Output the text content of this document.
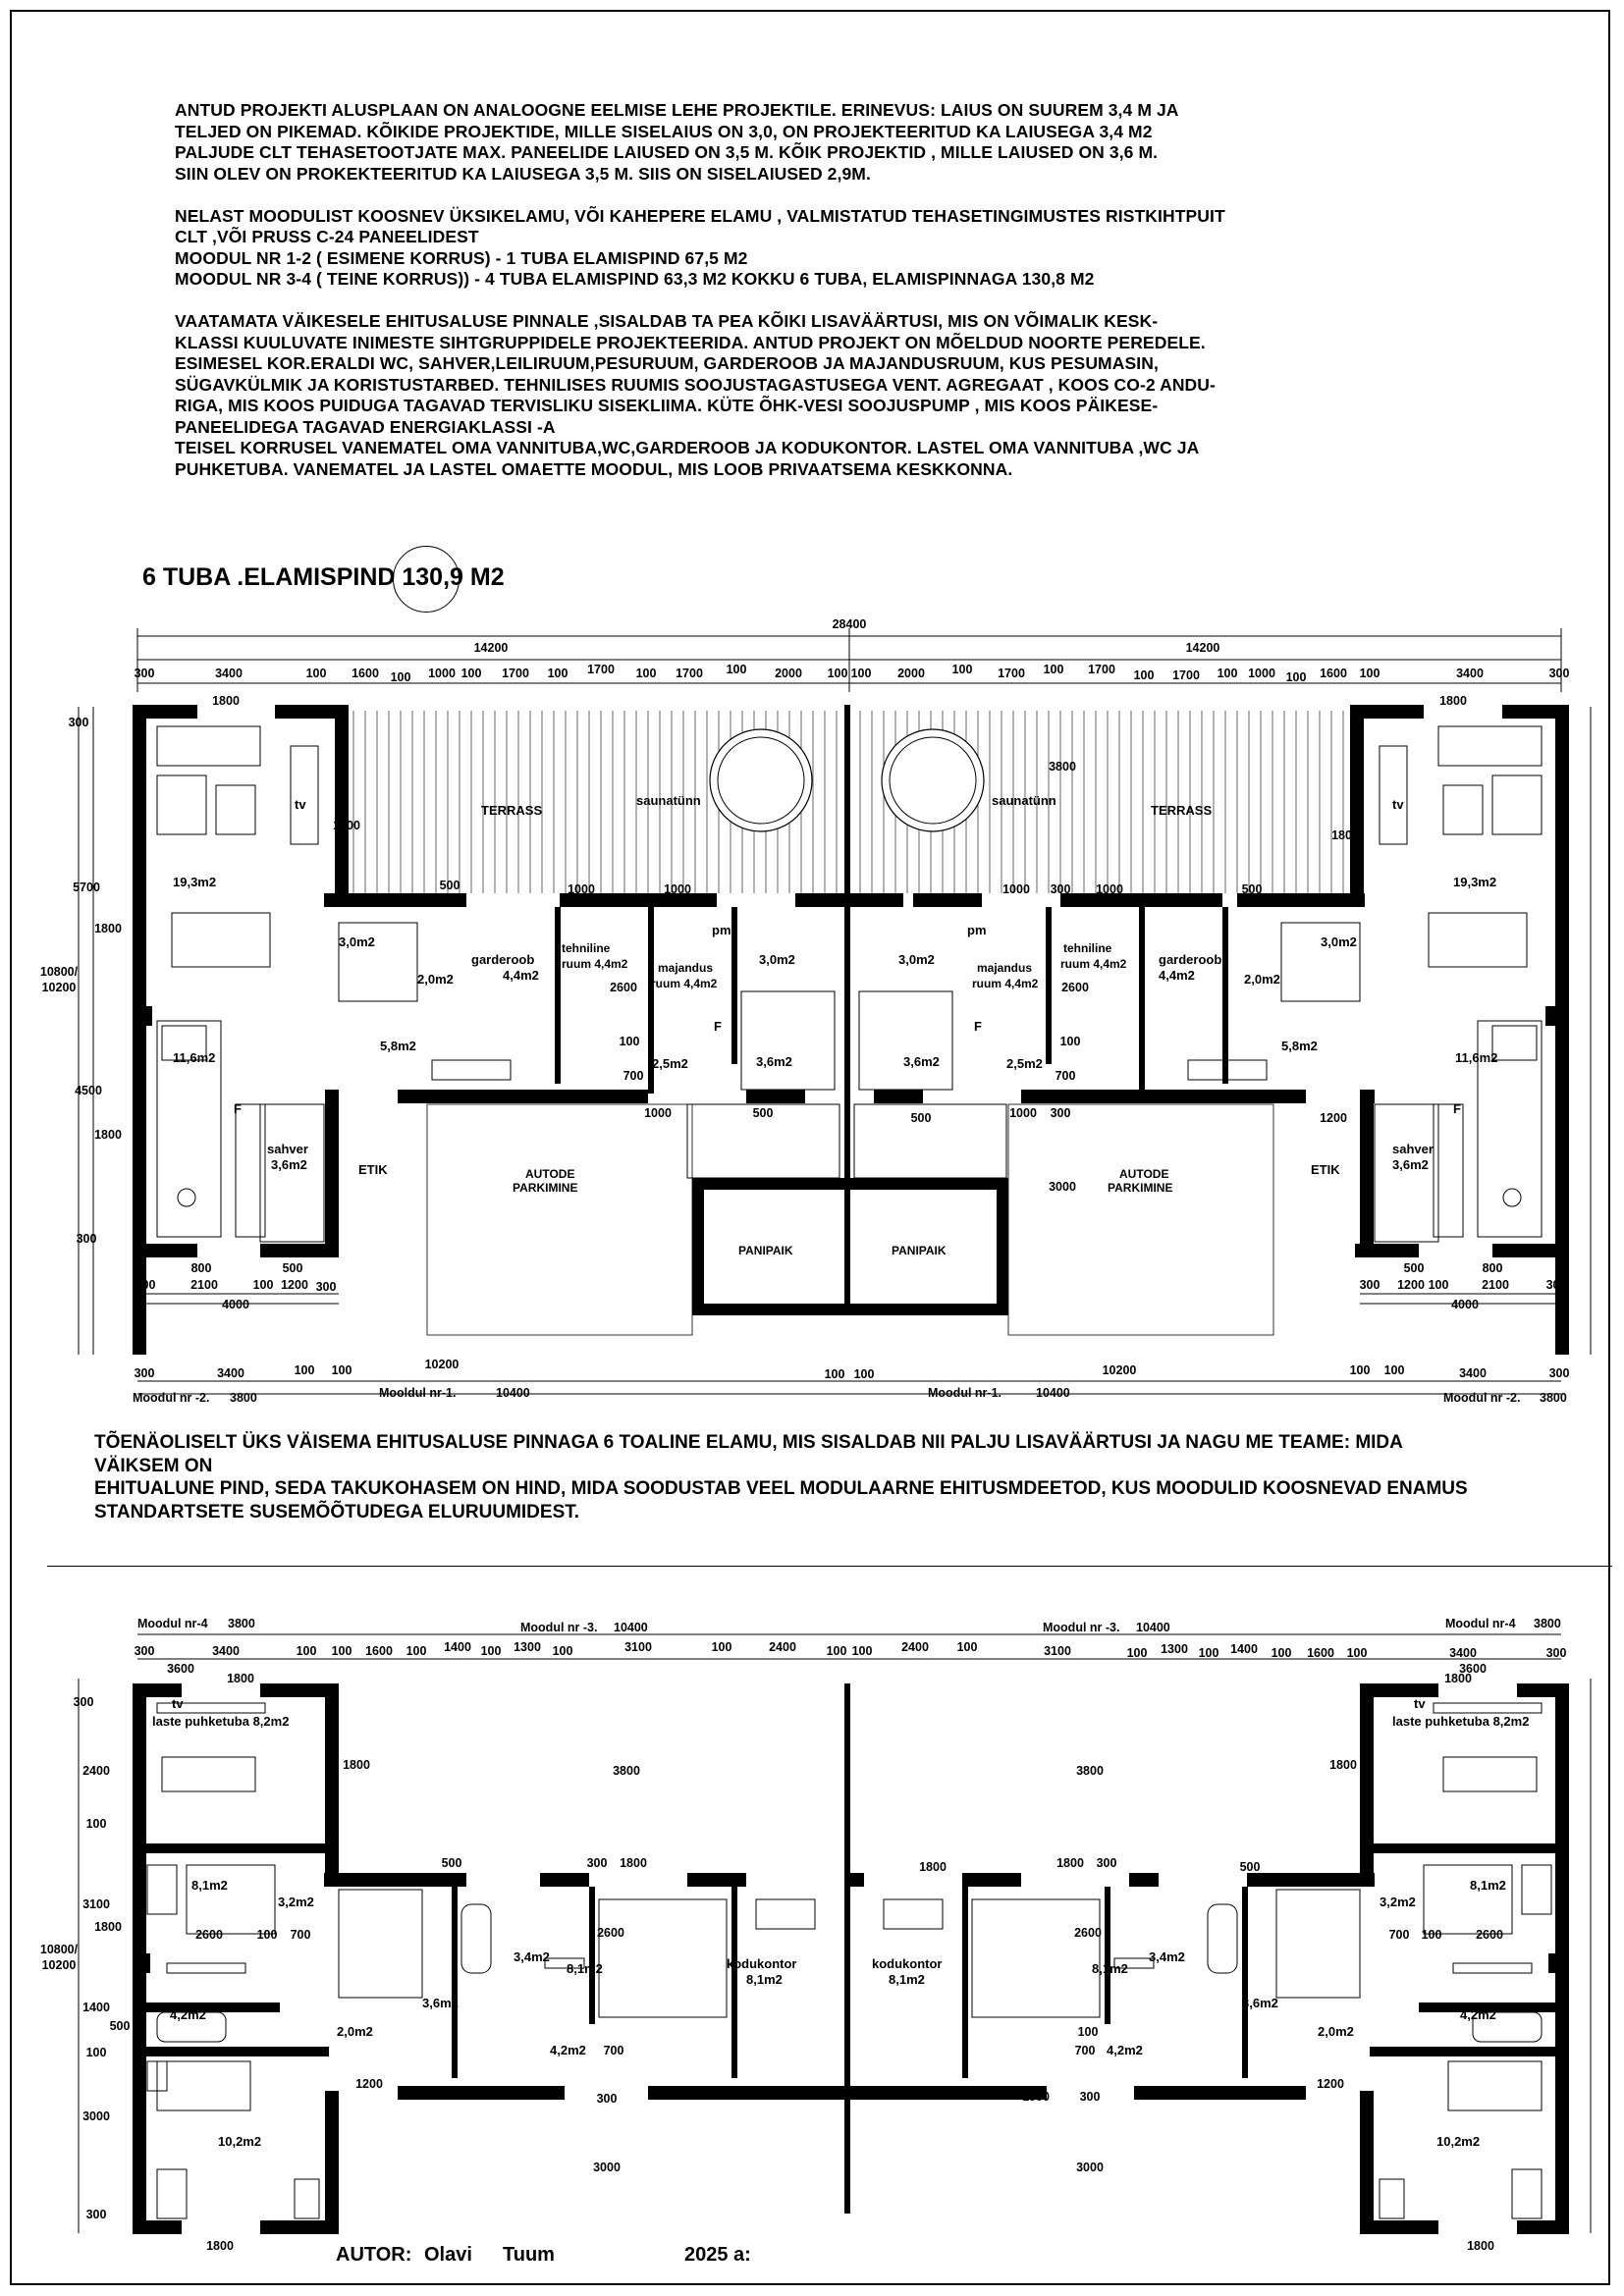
ANTUD PROJEKTI ALUSPLAAN ON ANALOOGNE EELMISE LEHE PROJEKTILE. ERINEVUS: LAIUS ON SUUREM 3,4 M JA
TELJED ON PIKEMAD. KÕIKIDE PROJEKTIDE, MILLE SISELAIUS ON 3,0, ON PROJEKTEERITUD KA LAIUSEGA 3,4 M2
PALJUDE CLT TEHASETOOTJATE MAX. PANEELIDE LAIUSED ON 3,5 M. KÕIK PROJEKTID , MILLE LAIUSED ON 3,6 M.
SIIN OLEV ON PROKEKTEERITUD KA LAIUSEGA 3,5 M. SIIS ON SISELAIUSED 2,9M.

NELAST MOODULIST KOOSNEV ÜKSIKELAMU, VÕI KAHEPERE ELAMU , VALMISTATUD TEHASETINGIMUSTES RISTKIHTPUIT
CLT ,VÕI PRUSS C-24 PANEELIDEST
MOODUL NR 1-2 ( ESIMENE KORRUS) - 1 TUBA ELAMISPIND 67,5 M2
MOODUL NR 3-4 ( TEINE KORRUS)) - 4 TUBA ELAMISPIND 63,3 M2 KOKKU 6 TUBA, ELAMISPINNAGA 130,8 M2

VAATAMATA VÄIKESELE EHITUSALUSE PINNALE ,SISALDAB TA PEA KÕIKI LISAVÄÄRTUSI, MIS ON VÕIMALIK KESK-
KLASSI KUULUVATE INIMESTE SIHTGRUPPIDELE PROJEKTEERIDA. ANTUD PROJEKT ON MÕELDUD NOORTE PEREDELE.
ESIMESEL KOR.ERALDI WC, SAHVER,LEILIRUUM,PESURUUM, GARDEROOB JA MAJANDUSRUUM, KUS PESUMASIN,
SÜGAVKÜLMIK JA KORISTUSTARBED. TEHNILISES RUUMIS SOOJUSTAGASTUSEGA VENT. AGREGAAT , KOOS CO-2 ANDU-
RIGA, MIS KOOS PUIDUGA TAGAVAD TERVISLIKU SISEKLIIMA. KÜTE ÕHK-VESI SOOJUSPUMP , MIS KOOS PÄIKESE-
PANEELIDEGA TAGAVAD ENERGIAKLASSI -A
TEISEL KORRUSEL VANEMATEL OMA VANNITUBA,WC,GARDEROOB JA KODUKONTOR. LASTEL OMA VANNITUBA ,WC JA
PUHKETUBA. VANEMATEL JA LASTEL OMAETTE MOODUL, MIS LOOB PRIVAATSEMA KESKKONNA.
6 TUBA .ELAMISPIND 130,9 M2
TÕENÄOLISELT ÜKS VÄISEMA EHITUSALUSE PINNAGA 6 TOALINE ELAMU, MIS SISALDAB NII PALJU LISAVÄÄRTUSI JA NAGU ME TEAME: MIDA
VÄIKSEM ON
EHITUALUNE PIND, SEDA TAKUKOHASEM ON HIND, MIDA SOODUSTAB VEEL MODULAARNE EHITUSMDEETOD, KUS MOODULID KOOSNEVAD ENAMUS
STANDARTSETE SUSEMÕÕTUDEGA ELURUUMIDEST.
28400
14200	14200
300	3400	100 1600 100 1000 100 1700 100 1700 100 1700 100 2000 100 100 2000 100 1700 100 1700 100 1700 100 1000 100 1600 100	3400	300
TERRASS	TERRASS
saunatünn	saunatünn
tv	tv
19,3m2	19,3m2
11,6m2	11,6m2
3,0m2	3,0m2
2,0m2	2,0m2
garderoob
4,4m2
garderoob
4,4m2
tehniline
ruum 4,4m2
tehniline
ruum 4,4m2
majandus
ruum 4,4m2
majandus
ruum 4,4m2
3,0m2	3,0m2
3,6m2	3,6m2
5,8m2	5,8m2
2,5m2	2,5m2
sahver
3,6m2
sahver
3,6m2
ETIK	ETIK
AUTODE
PARKIMINE
AUTODE
PARKIMINE
PANIPAIK	PANIPAIK
pm	pm
F	F
F	F
300
5700
1800
10800/
10200
4500
1800
300
1800	1800
1800
1800
500	1000	1000	1000	1000	500
300
2600	2600
100	100
700	700
1000	500	500	1000 300	1200
3000
3800
800
2100
300	100
500
1200 300
4000
500	800
300 1200 100	2100	300
4000
300	3400	100 100	10200
100 100	10200	100 100	3400	300
Moodul nr -2. 3800	Mooldul nr-1.	10400	Moodul nr-1.	10400	Moodul nr -2. 3800
Moodul nr-4 3800	Moodul nr -3. 10400	Moodul nr -3. 10400	Moodul nr-4 3800
300	3400	100 100 1600 100 1400 100 1300 100	3100	100	2400 100 100 2400 100	3100	100 1300 100 1400 100 1600 100	3400	300
3600
1800
3600
1800
tv	tv
laste puhketuba 8,2m2	laste puhketuba 8,2m2
8,1m2	8,1m2
3,2m2	3,2m2
4,2m2	4,2m2
10,2m2	10,2m2
2,0m2	2,0m2
3,6m2	3,6m2
3,4m2	3,4m2
8,1m2	8,1m2
4,2m2	4,2m2
kodukontor
8,1m2
kodukontor
8,1m2
300
2400
100
3100
1800
10800/
10200
1400
500
100
3000
300
1800	1800
3800	3800
500	300 1800	1800	1800 300	500
2600	100 700	700 100	2600
2600	2600
700	700
100
1200	1200
300	1000	500	500	1000 300
3000	3000
1800	1800
AUTOR: Olavi Tuum	2025 a:
